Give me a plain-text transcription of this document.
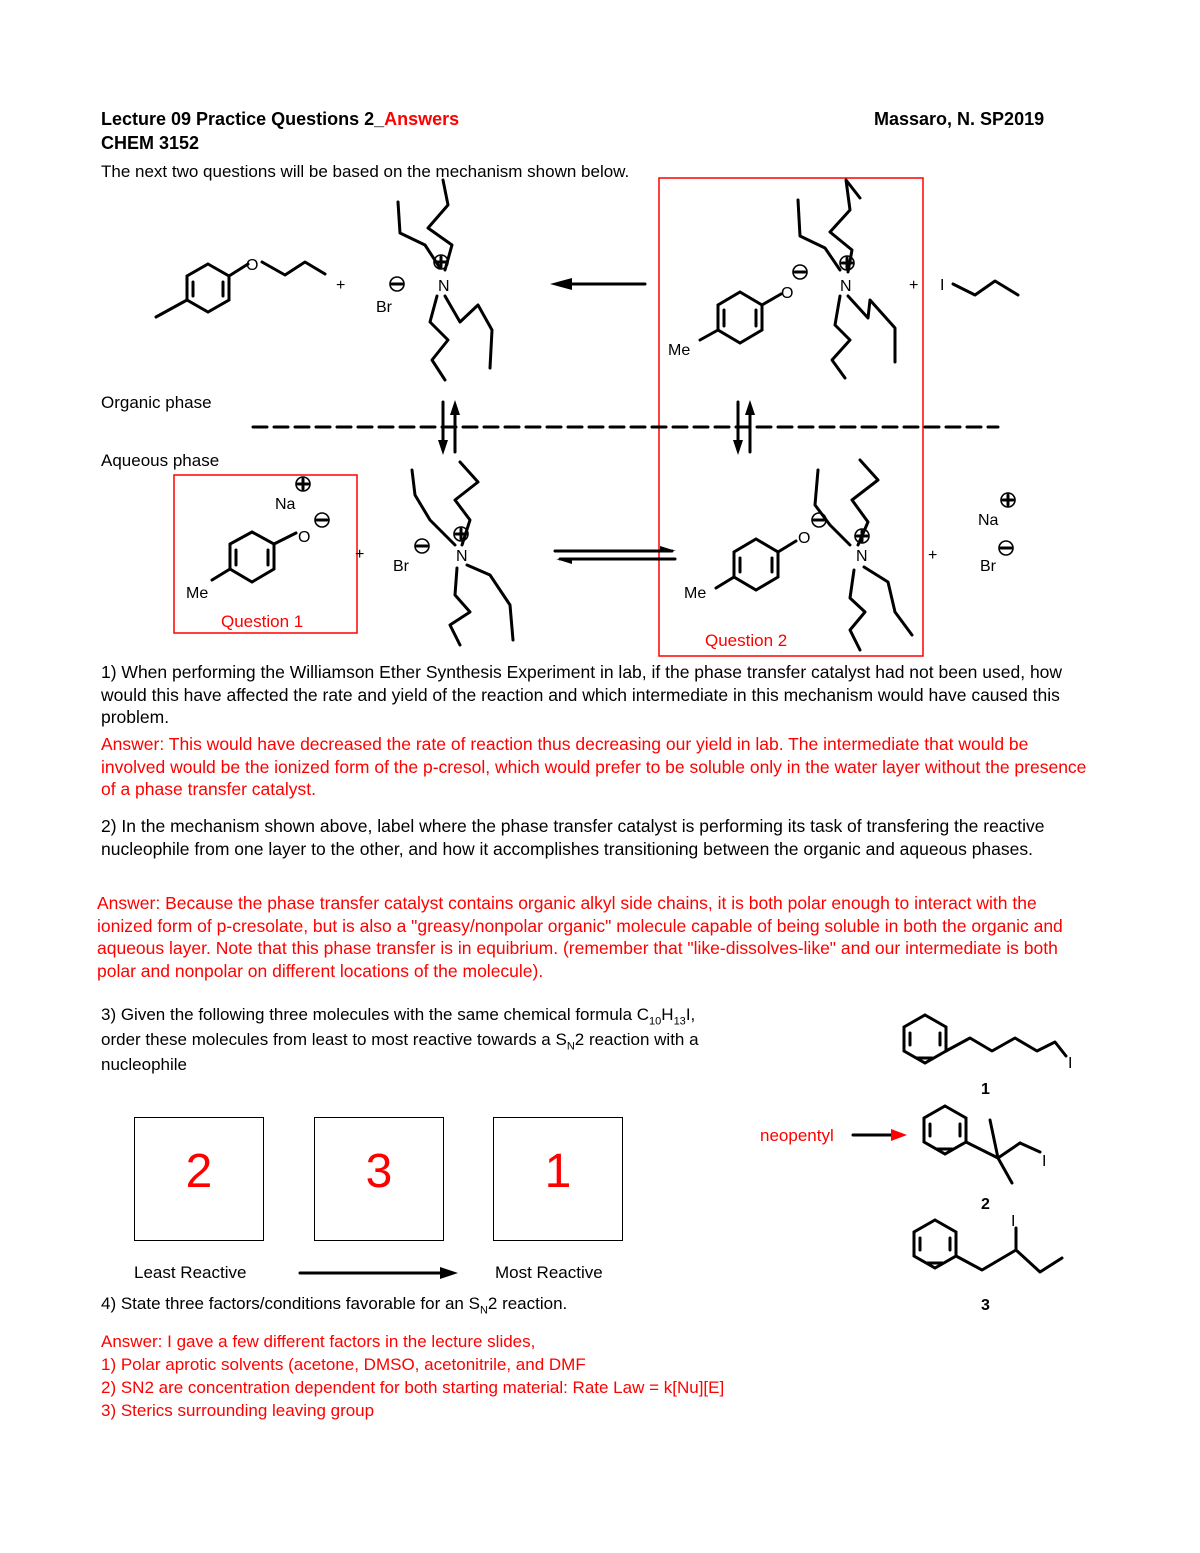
Lecture 09 Practice Questions 2_Answers	Massaro, N. SP2019
CHEM 3152
The next two questions will be based on the mechanism shown below.
O
+	N
Br
O
Me
N	+ I
O
Me
Na
+	N
Br
O
Me
N	+
Na
Br
Organic phase
Aqueous phase
Question 1
Question 2
1) When performing the Williamson Ether Synthesis Experiment in lab, if the phase transfer catalyst had not been used, how would this have affected the rate and yield of the reaction and which intermediate in this mechanism would have caused this problem.
Answer: This would have decreased the rate of reaction thus decreasing our yield in lab. The intermediate that would be involved would be the ionized form of the p-cresol, which would prefer to be soluble only in the water layer without the presence of a phase transfer catalyst.
2) In the mechanism shown above, label where the phase transfer catalyst is performing its task of transfering the reactive nucleophile from one layer to the other, and how it accomplishes transitioning between the organic and aqueous phases.
Answer: Because the phase transfer catalyst contains organic alkyl side chains, it is both polar enough to interact with the ionized form of p-cresolate, but is also a "greasy/nonpolar organic" molecule capable of being soluble in both the organic and aqueous layer. Note that this phase transfer is in equibrium. (remember that "like-dissolves-like" and our intermediate is both polar and nonpolar on different locations of the molecule).
3) Given the following three molecules with the same chemical formula $C_{10}H_{13}I$,
order these molecules from least to most reactive towards a $S_N2$ reaction with a
nucleophile
2	3	1
Least Reactive	Most Reactive
I
I
I
neopentyl
1
2
3
4) State three factors/conditions favorable for an $S_N2$ reaction.
Answer: I gave a few different factors in the lecture slides,
1) Polar aprotic solvents (acetone, DMSO, acetonitrile, and DMF
2) SN2 are concentration dependent for both starting material: Rate Law = k[Nu][E]
3) Sterics surrounding leaving group
